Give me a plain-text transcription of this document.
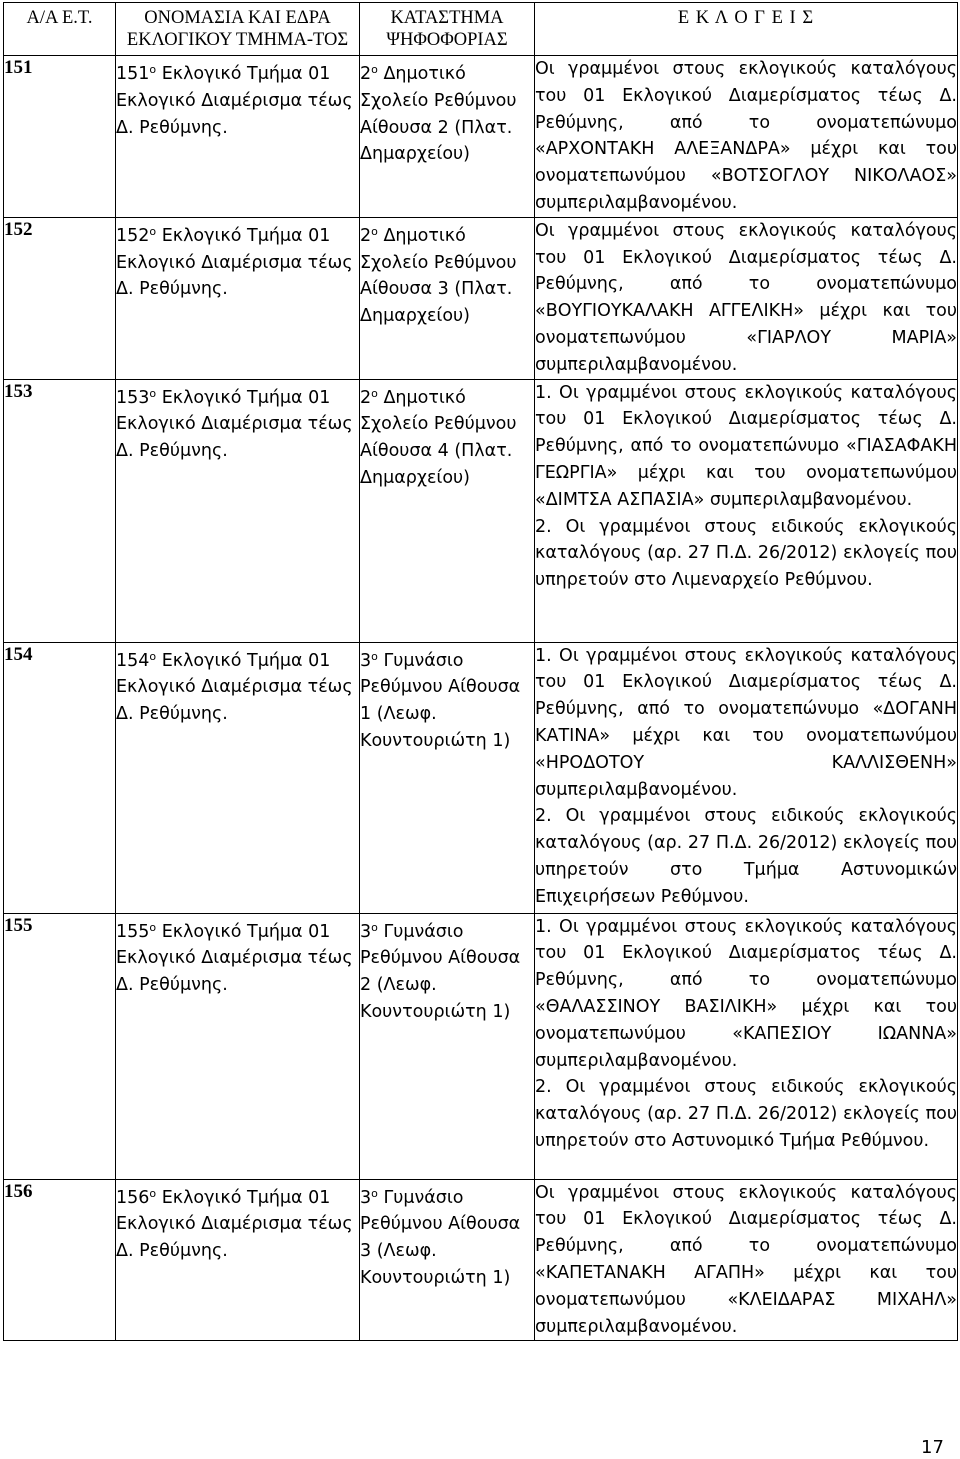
Α/Α Ε.Τ.	ΟΝΟΜΑΣΙΑ ΚΑΙ ΕΔΡΑ ΕΚΛΟΓΙΚΟΥ ΤΜΗΜΑ-ΤΟΣ	ΚΑΤΑΣΤΗΜΑ ΨΗΦΟΦΟΡΙΑΣ	Ε Κ Λ Ο Γ Ε Ι Σ
151	$151^o$ Εκλογικό Τμήμα 01 Εκλογικό Διαμέρισμα τέως Δ. Ρεθύμνης.	$2^o$ Δημοτικό Σχολείο Ρεθύμνου Αίθουσα 2 (Πλατ. Δημαρχείου)	Οι γραμμένοι στους εκλογικούς καταλόγους του 01 Εκλογικού Διαμερίσματος τέως Δ. Ρεθύμνης, από το ονοματεπώνυμο «ΑΡΧΟΝΤΑΚΗ ΑΛΕΞΑΝΔΡΑ» μέχρι και του ονοματεπωνύμου «ΒΟΤΣΟΓΛΟΥ ΝΙΚΟΛΑΟΣ» συμπεριλαμβανομένου.

152	$152^o$ Εκλογικό Τμήμα 01 Εκλογικό Διαμέρισμα τέως Δ. Ρεθύμνης.	$2^o$ Δημοτικό Σχολείο Ρεθύμνου Αίθουσα 3 (Πλατ. Δημαρχείου)	Οι γραμμένοι στους εκλογικούς καταλόγους του 01 Εκλογικού Διαμερίσματος τέως Δ. Ρεθύμνης, από το ονοματεπώνυμο «ΒΟΥΓΙΟΥΚΑΛΑΚΗ ΑΓΓΕΛΙΚΗ» μέχρι και του ονοματεπωνύμου «ΓΙΑΡΛΟΥ ΜΑΡΙΑ» συμπεριλαμβανομένου.

153	$153^o$ Εκλογικό Τμήμα 01 Εκλογικό Διαμέρισμα τέως Δ. Ρεθύμνης.	$2^o$ Δημοτικό Σχολείο Ρεθύμνου Αίθουσα 4 (Πλατ. Δημαρχείου)	1. Οι γραμμένοι στους εκλογικούς καταλόγους του 01 Εκλογικού Διαμερίσματος τέως Δ. Ρεθύμνης, από το ονοματεπώνυμο «ΓΙΑΣΑΦΑΚΗ ΓΕΩΡΓΙΑ» μέχρι και του ονοματεπωνύμου «ΔΙΜΤΣΑ ΑΣΠΑΣΙΑ» συμπεριλαμβανομένου.

2. Οι γραμμένοι στους ειδικούς εκλογικούς καταλόγους (αρ. 27 Π.Δ. 26/2012) εκλογείς που υπηρετούν στο Λιμεναρχείο Ρεθύμνου.

154	$154^o$ Εκλογικό Τμήμα 01 Εκλογικό Διαμέρισμα τέως Δ. Ρεθύμνης.	$3^o$ Γυμνάσιο Ρεθύμνου Αίθουσα 1 (Λεωφ. Κουντουριώτη 1)	1. Οι γραμμένοι στους εκλογικούς καταλόγους του 01 Εκλογικού Διαμερίσματος τέως Δ. Ρεθύμνης, από το ονοματεπώνυμο «ΔΟΓΑΝΗ ΚΑΤΙΝΑ» μέχρι και του ονοματεπωνύμου «ΗΡΟΔΟΤΟΥ ΚΑΛΛΙΣΘΕΝΗ» συμπεριλαμβανομένου.

2. Οι γραμμένοι στους ειδικούς εκλογικούς καταλόγους (αρ. 27 Π.Δ. 26/2012) εκλογείς που υπηρετούν στο Τμήμα Αστυνομικών Επιχειρήσεων Ρεθύμνου.

155	$155^o$ Εκλογικό Τμήμα 01 Εκλογικό Διαμέρισμα τέως Δ. Ρεθύμνης.	$3^o$ Γυμνάσιο Ρεθύμνου Αίθουσα 2 (Λεωφ. Κουντουριώτη 1)	1. Οι γραμμένοι στους εκλογικούς καταλόγους του 01 Εκλογικού Διαμερίσματος τέως Δ. Ρεθύμνης, από το ονοματεπώνυμο «ΘΑΛΑΣΣΙΝΟΥ ΒΑΣΙΛΙΚΗ» μέχρι και του ονοματεπωνύμου «ΚΑΠΕΣΙΟΥ ΙΩΑΝΝΑ» συμπεριλαμβανομένου.

2. Οι γραμμένοι στους ειδικούς εκλογικούς καταλόγους (αρ. 27 Π.Δ. 26/2012) εκλογείς που υπηρετούν στο Αστυνομικό Τμήμα Ρεθύμνου.

156	$156^o$ Εκλογικό Τμήμα 01 Εκλογικό Διαμέρισμα τέως Δ. Ρεθύμνης.	$3^o$ Γυμνάσιο Ρεθύμνου Αίθουσα 3 (Λεωφ. Κουντουριώτη 1)	Οι γραμμένοι στους εκλογικούς καταλόγους του 01 Εκλογικού Διαμερίσματος τέως Δ. Ρεθύμνης, από το ονοματεπώνυμο «ΚΑΠΕΤΑΝΑΚΗ ΑΓΑΠΗ» μέχρι και του ονοματεπωνύμου «ΚΛΕΙΔΑΡΑΣ ΜΙΧΑΗΛ» συμπεριλαμβανομένου.

17
